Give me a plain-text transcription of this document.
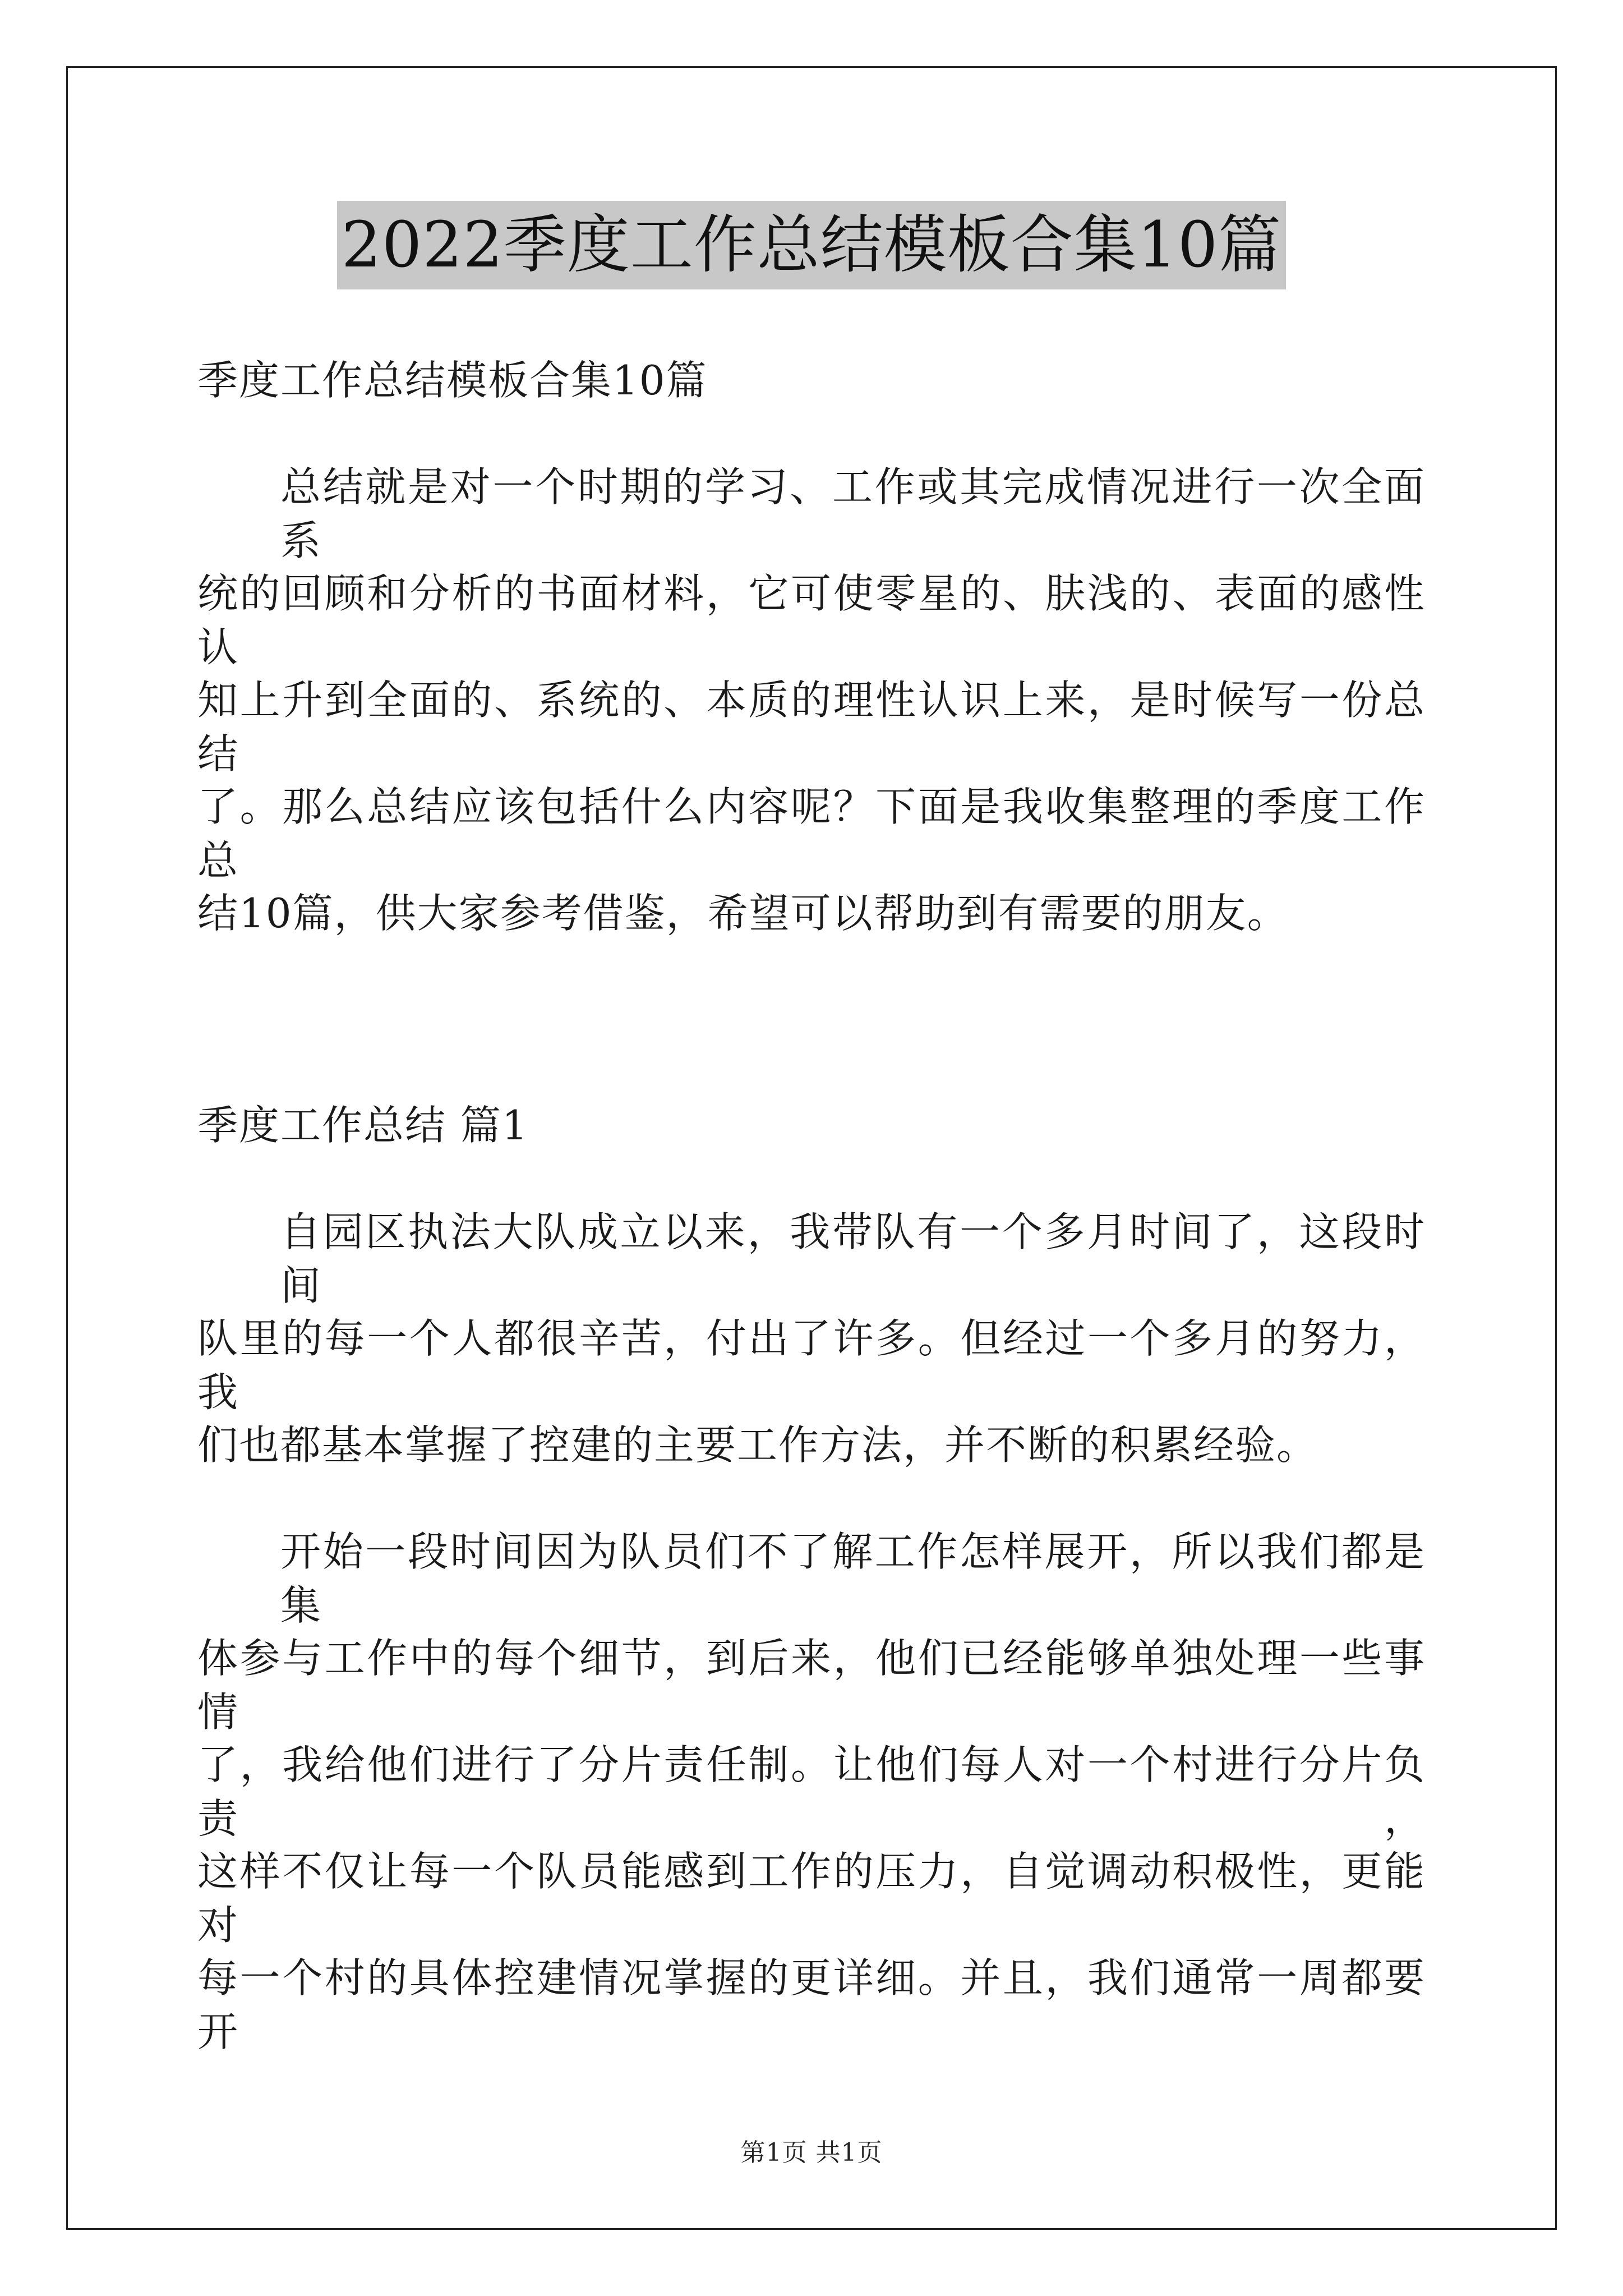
2022季度工作总结模板合集10篇
季度工作总结模板合集10篇
总结就是对一个时期的学习、工作或其完成情况进行一次全面系
统的回顾和分析的书面材料，它可使零星的、肤浅的、表面的感性认
知上升到全面的、系统的、本质的理性认识上来，是时候写一份总结
了。那么总结应该包括什么内容呢？下面是我收集整理的季度工作总
结10篇，供大家参考借鉴，希望可以帮助到有需要的朋友。
季度工作总结 篇1
自园区执法大队成立以来，我带队有一个多月时间了，这段时间
队里的每一个人都很辛苦，付出了许多。但经过一个多月的努力，我
们也都基本掌握了控建的主要工作方法，并不断的积累经验。
开始一段时间因为队员们不了解工作怎样展开，所以我们都是集
体参与工作中的每个细节，到后来，他们已经能够单独处理一些事情
了，我给他们进行了分片责任制。让他们每人对一个村进行分片负责，
这样不仅让每一个队员能感到工作的压力，自觉调动积极性，更能对
每一个村的具体控建情况掌握的更详细。并且，我们通常一周都要开
第1页 共1页
